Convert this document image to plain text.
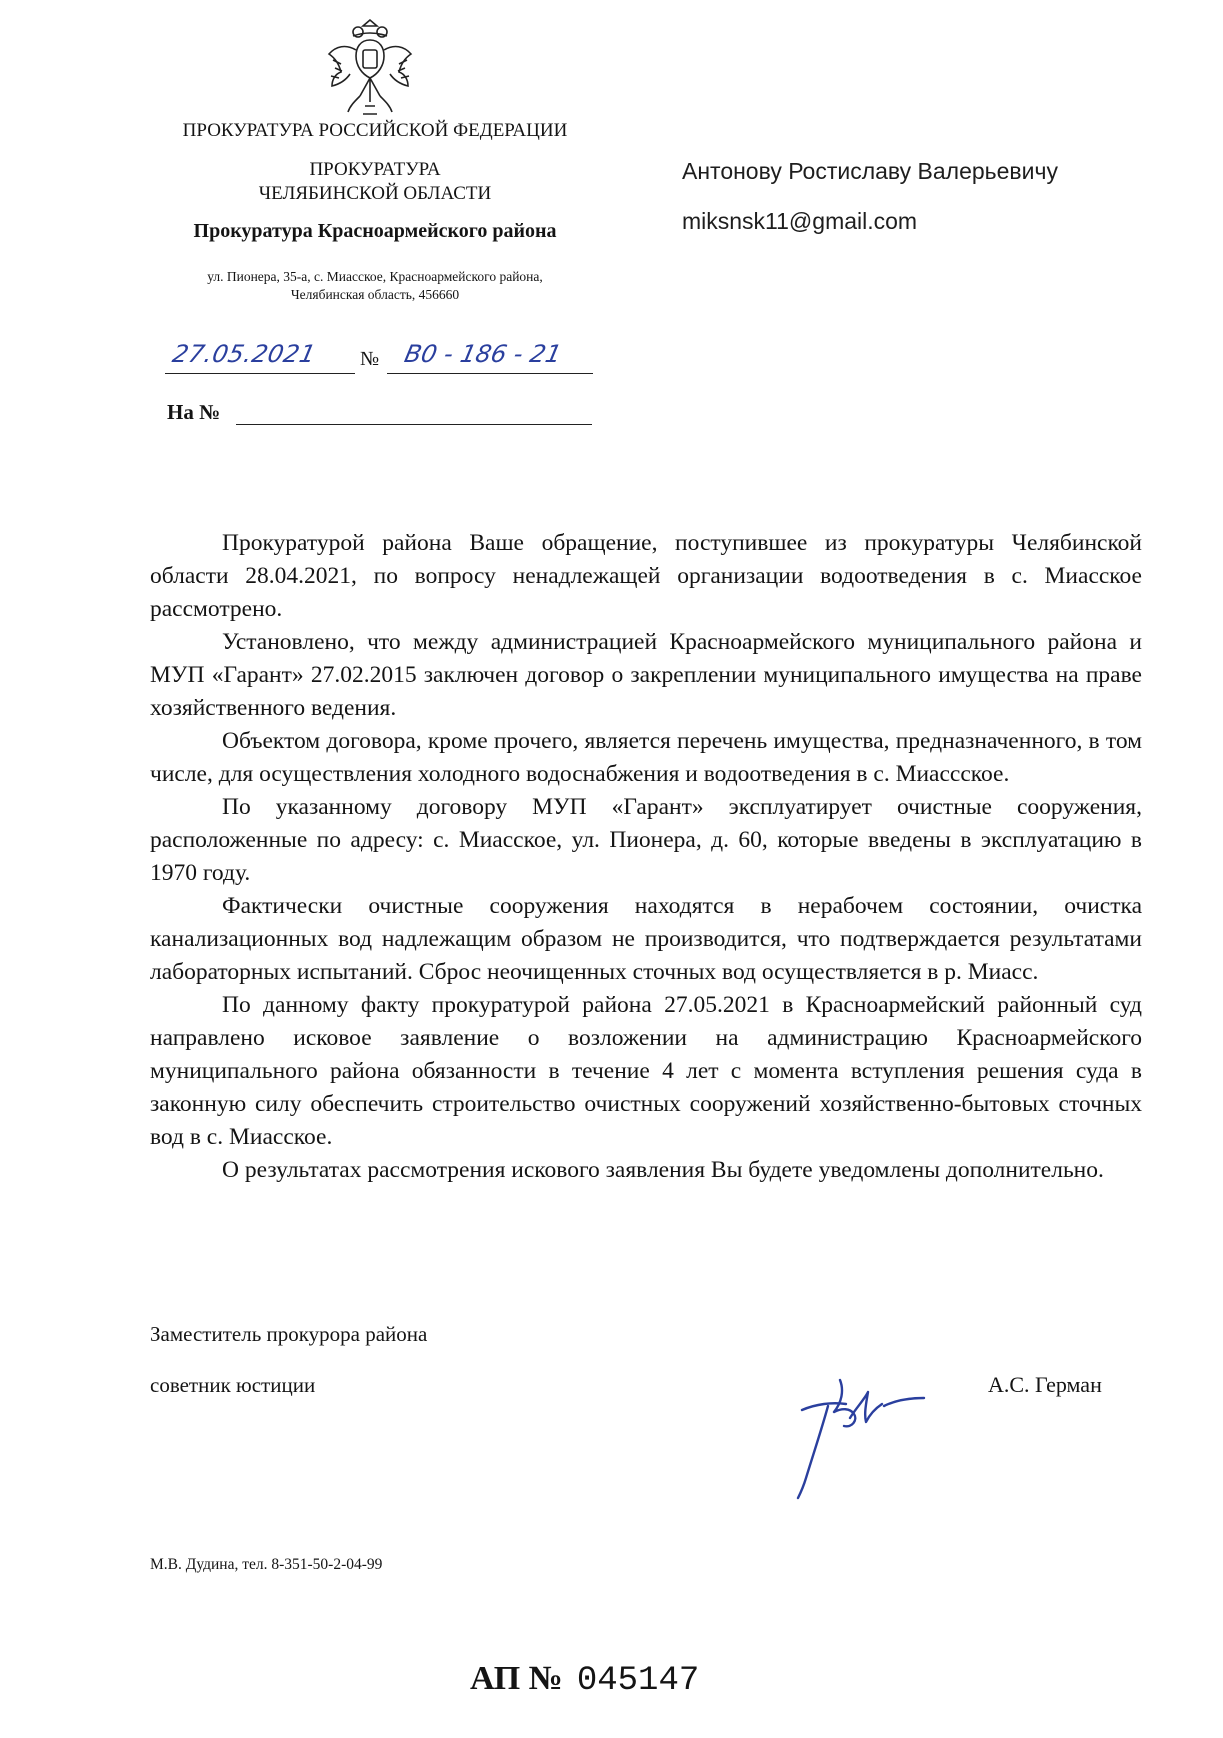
ПРОКУРАТУРА РОССИЙСКОЙ ФЕДЕРАЦИИ
ПРОКУРАТУРА
ЧЕЛЯБИНСКОЙ ОБЛАСТИ
Прокуратура Красноармейского района
ул. Пионера, 35-а, с. Миасское, Красноармейского района,
Челябинская область, 456660
Антонову Ростиславу Валерьевичу
miksnsk11@gmail.com
27.05.2021 № В0 - 186 - 21
На №

Прокуратурой района Ваше обращение, поступившее из прокуратуры Челябинской области 28.04.2021, по вопросу ненадлежащей организации водоотведения в с. Миасское рассмотрено.

Установлено, что между администрацией Красноармейского муниципального района и МУП «Гарант» 27.02.2015 заключен договор о закреплении муниципального имущества на праве хозяйственного ведения.

Объектом договора, кроме прочего, является перечень имущества, предназначенного, в том числе, для осуществления холодного водоснабжения и водоотведения в с. Миассское.

По указанному договору МУП «Гарант» эксплуатирует очистные сооружения, расположенные по адресу: с. Миасское, ул. Пионера, д. 60, которые введены в эксплуатацию в 1970 году.

Фактически очистные сооружения находятся в нерабочем состоянии, очистка канализационных вод надлежащим образом не производится, что подтверждается результатами лабораторных испытаний. Сброс неочищенных сточных вод осуществляется в р. Миасс.

По данному факту прокуратурой района 27.05.2021 в Красноармейский районный суд направлено исковое заявление о возложении на администрацию Красноармейского муниципального района обязанности в течение 4 лет с момента вступления решения суда в законную силу обеспечить строительство очистных сооружений хозяйственно-бытовых сточных вод в с. Миасское.

О результатах рассмотрения искового заявления Вы будете уведомлены дополнительно.

Заместитель прокурора района
советник юстиции	А.С. Герман
М.В. Дудина, тел. 8-351-50-2-04-99
АП № 045147
